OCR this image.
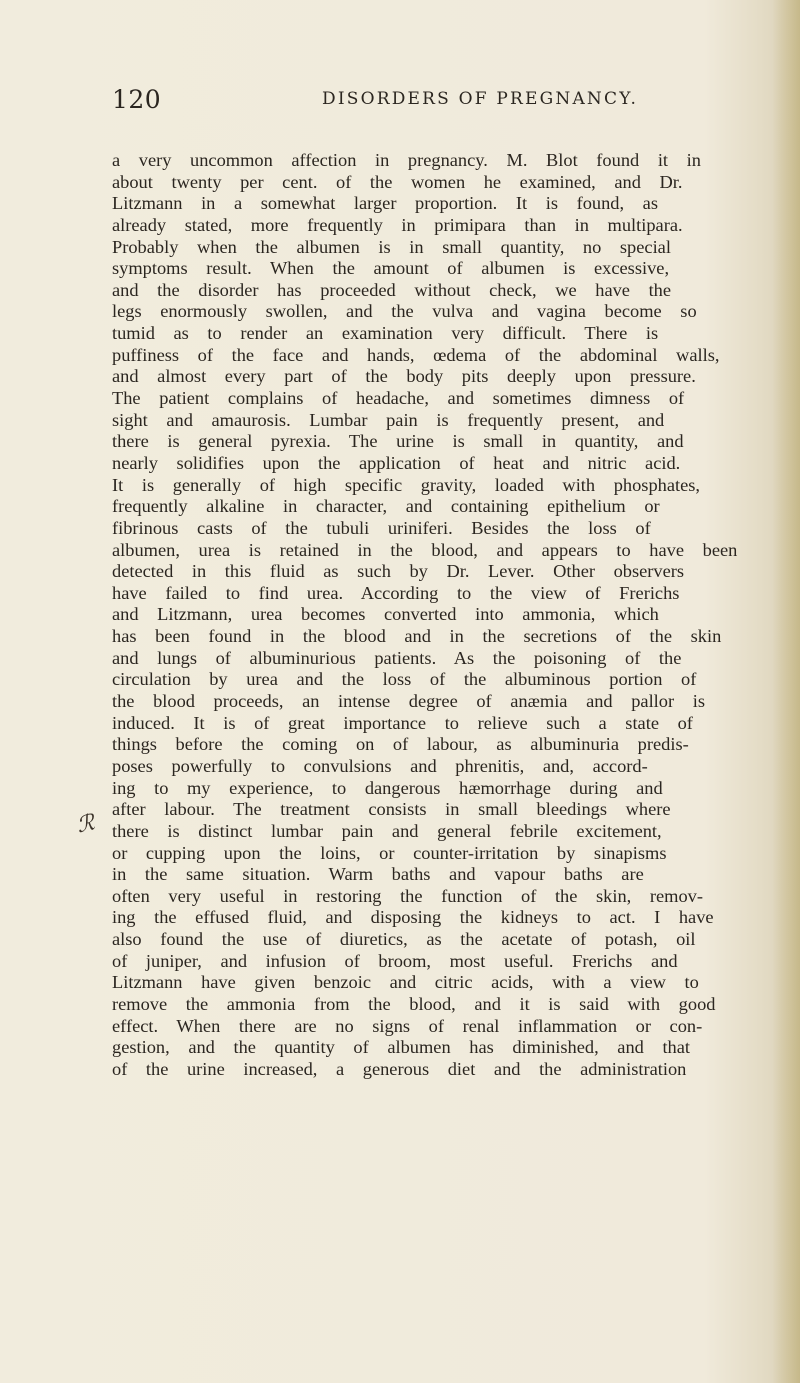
120	DISORDERS OF PREGNANCY.
ℛ
a very uncommon affection in pregnancy. M. Blot found it in
about twenty per cent. of the women he examined, and Dr.
Litzmann in a somewhat larger proportion. It is found, as
already stated, more frequently in primipara than in multipara.
Probably when the albumen is in small quantity, no special
symptoms result. When the amount of albumen is excessive,
and the disorder has proceeded without check, we have the
legs enormously swollen, and the vulva and vagina become so
tumid as to render an examination very difficult. There is
puffiness of the face and hands, œdema of the abdominal walls,
and almost every part of the body pits deeply upon pressure.
The patient complains of headache, and sometimes dimness of
sight and amaurosis. Lumbar pain is frequently present, and
there is general pyrexia. The urine is small in quantity, and
nearly solidifies upon the application of heat and nitric acid.
It is generally of high specific gravity, loaded with phosphates,
frequently alkaline in character, and containing epithelium or
fibrinous casts of the tubuli uriniferi. Besides the loss of
albumen, urea is retained in the blood, and appears to have been
detected in this fluid as such by Dr. Lever. Other observers
have failed to find urea. According to the view of Frerichs
and Litzmann, urea becomes converted into ammonia, which
has been found in the blood and in the secretions of the skin
and lungs of albuminurious patients. As the poisoning of the
circulation by urea and the loss of the albuminous portion of
the blood proceeds, an intense degree of anæmia and pallor is
induced. It is of great importance to relieve such a state of
things before the coming on of labour, as albuminuria predis-
poses powerfully to convulsions and phrenitis, and, accord-
ing to my experience, to dangerous hæmorrhage during and
after labour. The treatment consists in small bleedings where
there is distinct lumbar pain and general febrile excitement,
or cupping upon the loins, or counter-irritation by sinapisms
in the same situation. Warm baths and vapour baths are
often very useful in restoring the function of the skin, remov-
ing the effused fluid, and disposing the kidneys to act. I have
also found the use of diuretics, as the acetate of potash, oil
of juniper, and infusion of broom, most useful. Frerichs and
Litzmann have given benzoic and citric acids, with a view to
remove the ammonia from the blood, and it is said with good
effect. When there are no signs of renal inflammation or con-
gestion, and the quantity of albumen has diminished, and that
of the urine increased, a generous diet and the administration
